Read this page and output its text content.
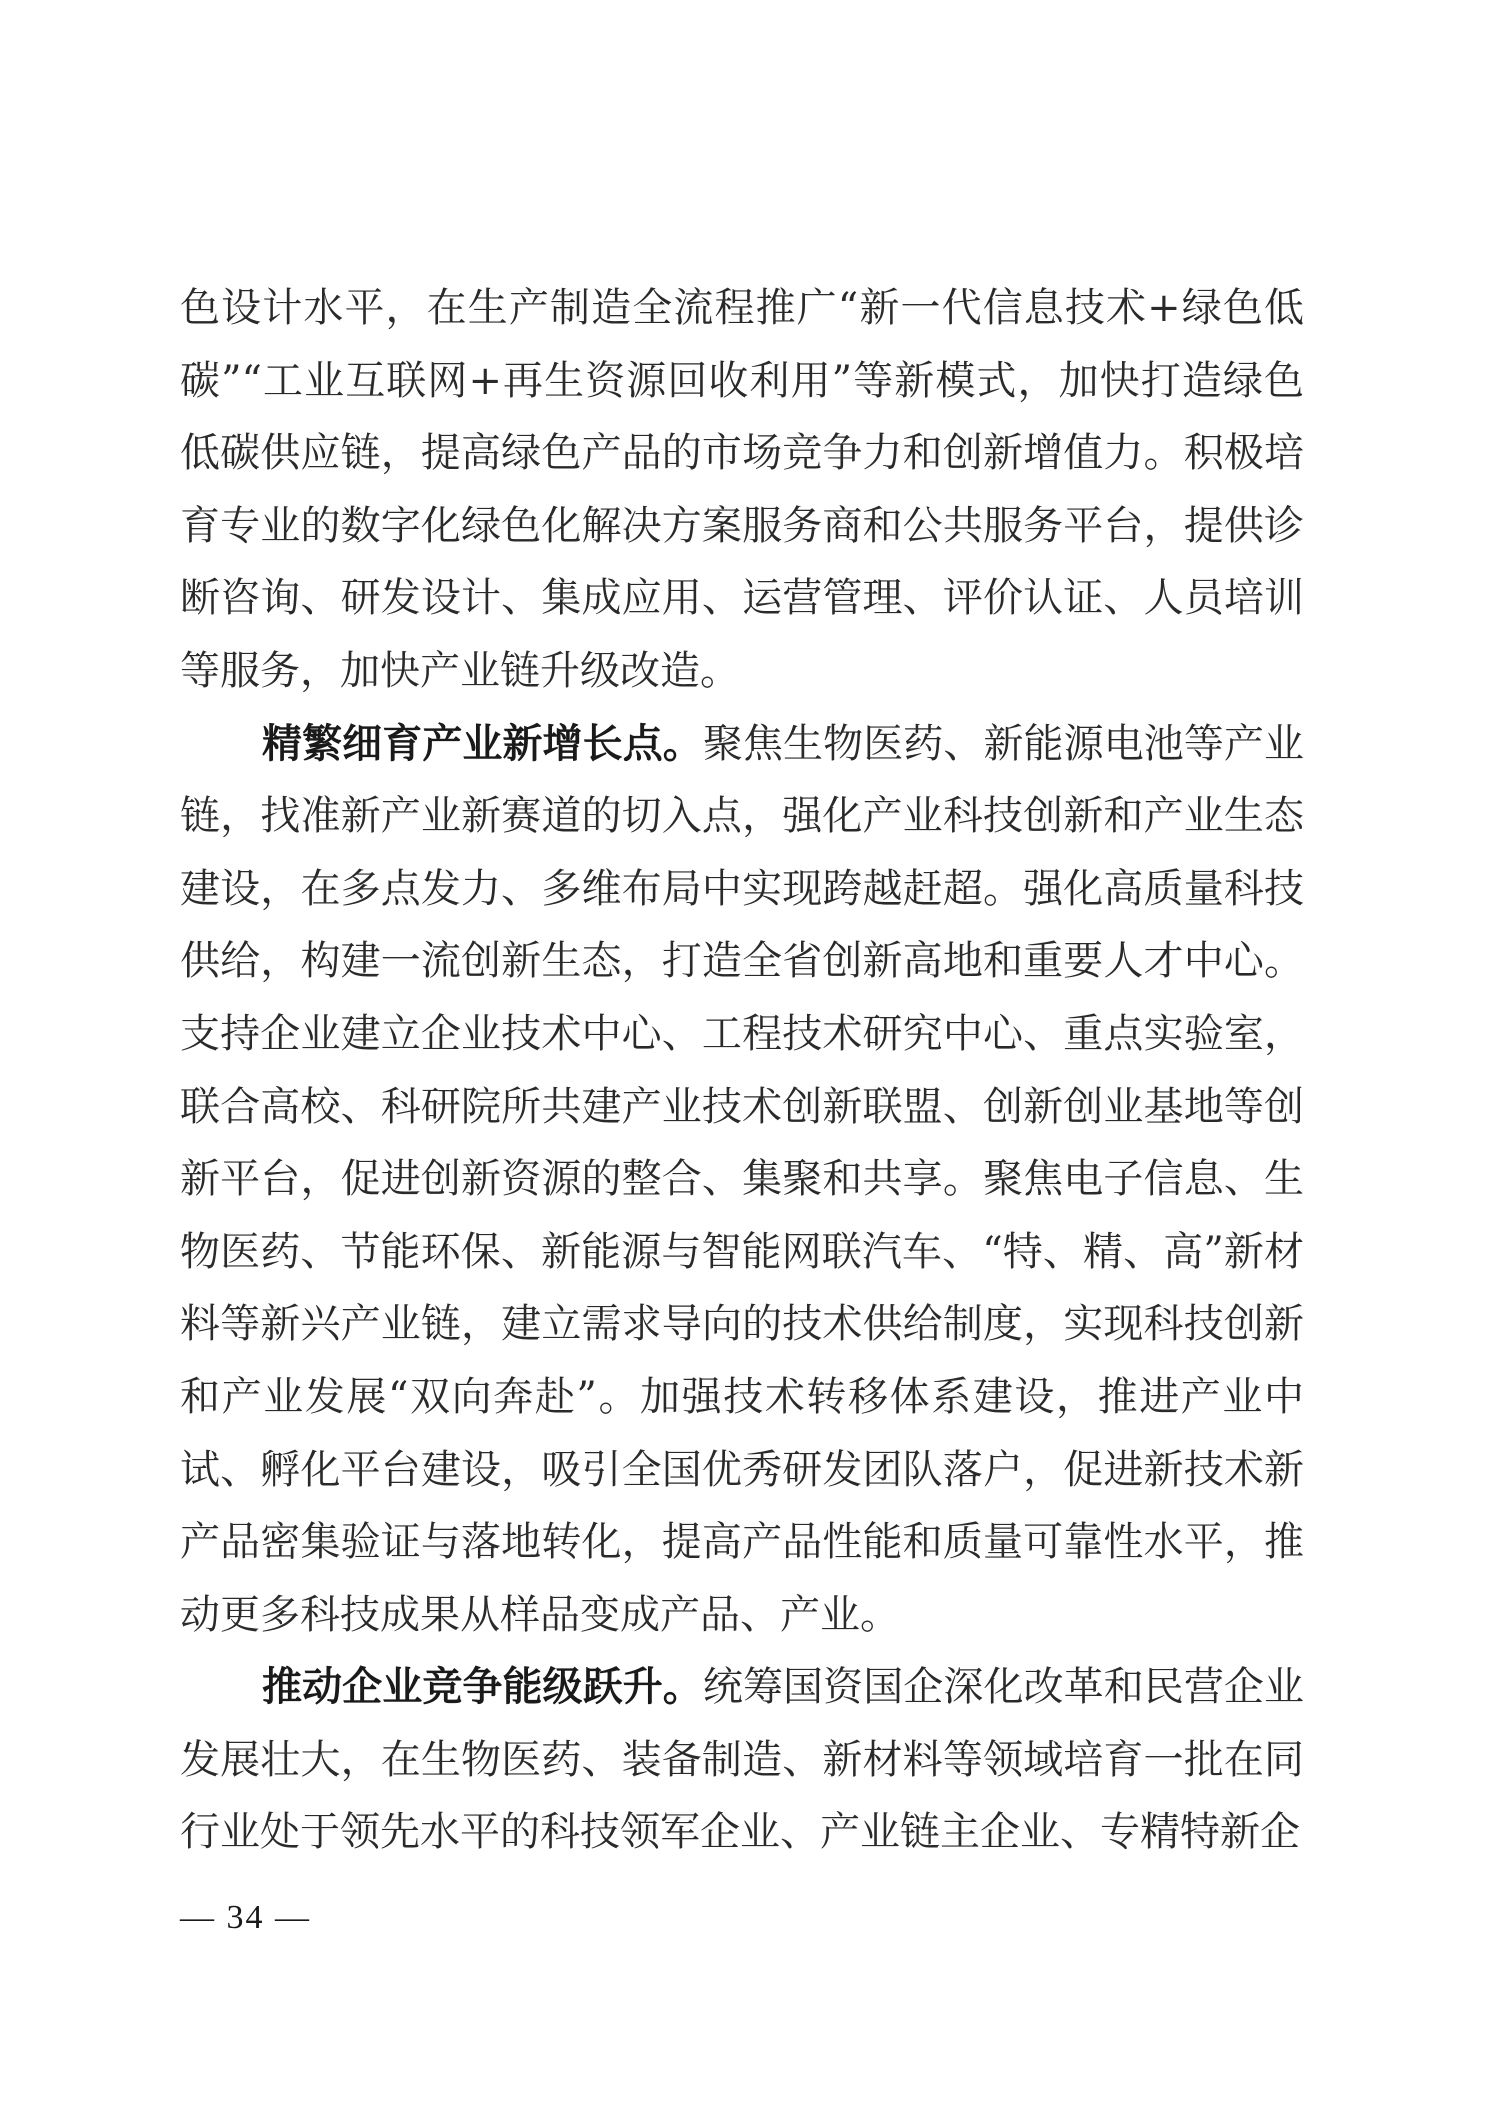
色设计水平，在生产制造全流程推广“新一代信息技术+绿色低碳”“工业互联网+再生资源回收利用”等新模式，加快打造绿色低碳供应链，提高绿色产品的市场竞争力和创新增值力。积极培育专业的数字化绿色化解决方案服务商和公共服务平台，提供诊断咨询、研发设计、集成应用、运营管理、评价认证、人员培训等服务，加快产业链升级改造。

精繁细育产业新增长点。聚焦生物医药、新能源电池等产业链，找准新产业新赛道的切入点，强化产业科技创新和产业生态建设，在多点发力、多维布局中实现跨越赶超。强化高质量科技供给，构建一流创新生态，打造全省创新高地和重要人才中心。支持企业建立企业技术中心、工程技术研究中心、重点实验室，联合高校、科研院所共建产业技术创新联盟、创新创业基地等创新平台，促进创新资源的整合、集聚和共享。聚焦电子信息、生物医药、节能环保、新能源与智能网联汽车、“特、精、高”新材料等新兴产业链，建立需求导向的技术供给制度，实现科技创新和产业发展“双向奔赴”。加强技术转移体系建设，推进产业中试、孵化平台建设，吸引全国优秀研发团队落户，促进新技术新产品密集验证与落地转化，提高产品性能和质量可靠性水平，推动更多科技成果从样品变成产品、产业。

推动企业竞争能级跃升。统筹国资国企深化改革和民营企业发展壮大，在生物医药、装备制造、新材料等领域培育一批在同行业处于领先水平的科技领军企业、产业链主企业、专精特新企

— 34 —
